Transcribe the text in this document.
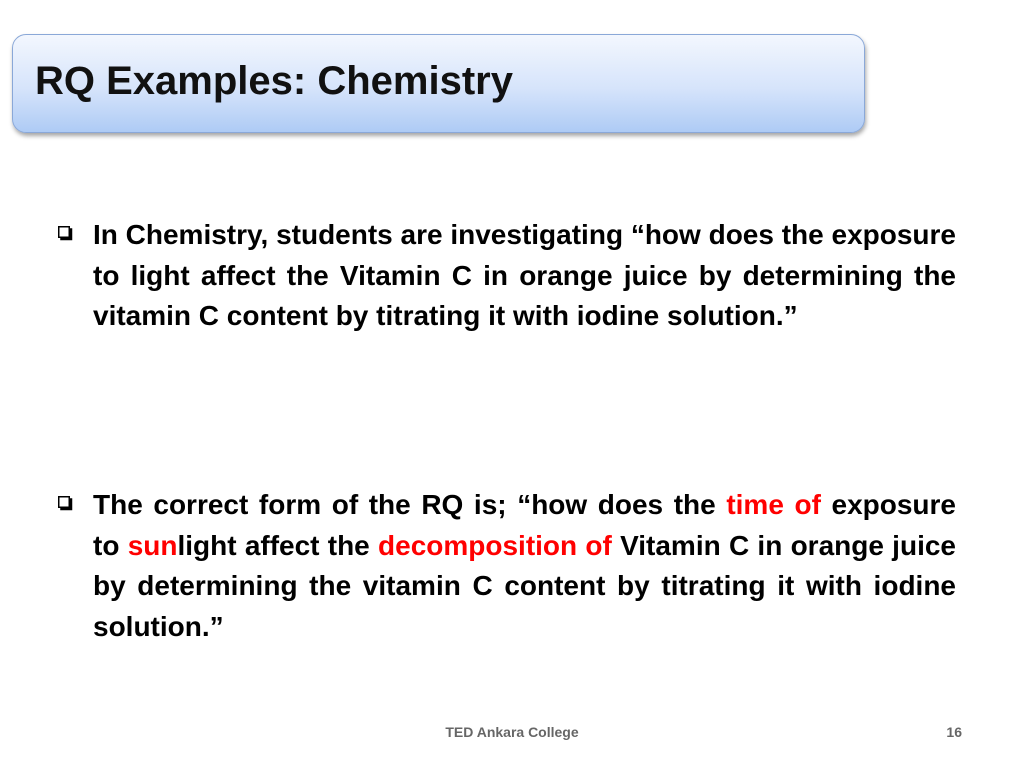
RQ Examples: Chemistry

In Chemistry, students are investigating “how does the exposure to light affect the Vitamin C in orange juice by determining the vitamin C content by titrating it with iodine solution.”

The correct form of the RQ is; “how does the time of exposure to sunlight affect the decomposition of Vitamin C in orange juice by determining the vitamin C content by titrating it with iodine solution.”

TED Ankara College	16
